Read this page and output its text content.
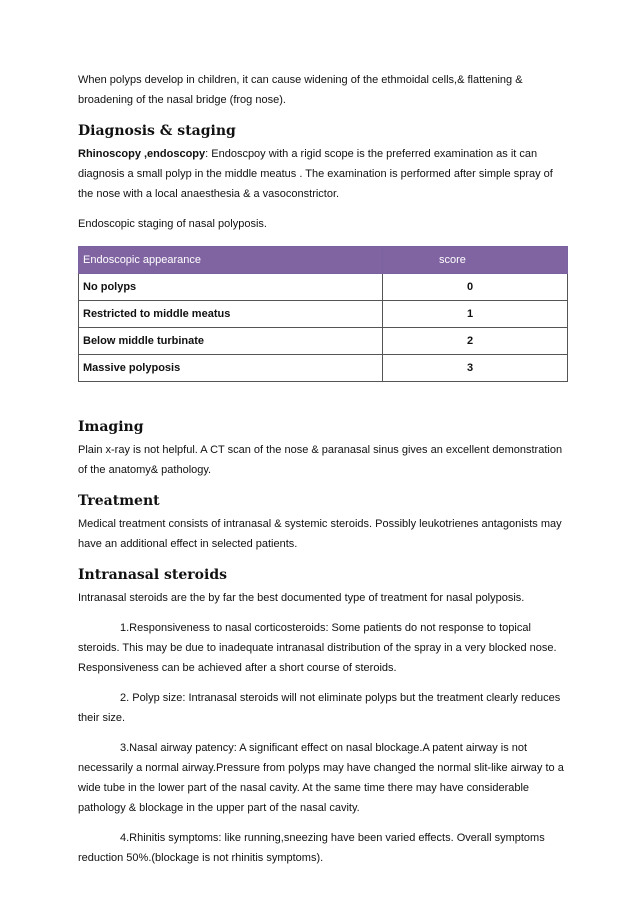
When polyps develop in children, it can cause widening of the ethmoidal cells,& flattening & broadening of the nasal bridge (frog nose).

Diagnosis & staging

Rhinoscopy ,endoscopy: Endoscpoy with a rigid scope is the preferred examination as it can diagnosis a small polyp in the middle meatus . The examination is performed after simple spray of the nose with a local anaesthesia & a vasoconstrictor.

Endoscopic staging of nasal polyposis.

Endoscopic appearance	score
No polyps	0
Restricted to middle meatus	1
Below middle turbinate	2
Massive polyposis	3
Imaging

Plain x-ray is not helpful. A CT scan of the nose & paranasal sinus gives an excellent demonstration of the anatomy& pathology.

Treatment

Medical treatment consists of intranasal & systemic steroids. Possibly leukotrienes antagonists may have an additional effect in selected patients.

Intranasal steroids

Intranasal steroids are the by far the best documented type of treatment for nasal polyposis.

1.Responsiveness to nasal corticosteroids: Some patients do not response to topical steroids. This may be due to inadequate intranasal distribution of the spray in a very blocked nose. Responsiveness can be achieved after a short course of steroids.

2. Polyp size: Intranasal steroids will not eliminate polyps but the treatment clearly reduces their size.

3.Nasal airway patency: A significant effect on nasal blockage.A patent airway is not necessarily a normal airway.Pressure from polyps may have changed the normal slit-like airway to a wide tube in the lower part of the nasal cavity. At the same time there may have considerable pathology & blockage in the upper part of the nasal cavity.

4.Rhinitis symptoms: like running,sneezing have been varied effects. Overall symptoms reduction 50%.(blockage is not rhinitis symptoms).
